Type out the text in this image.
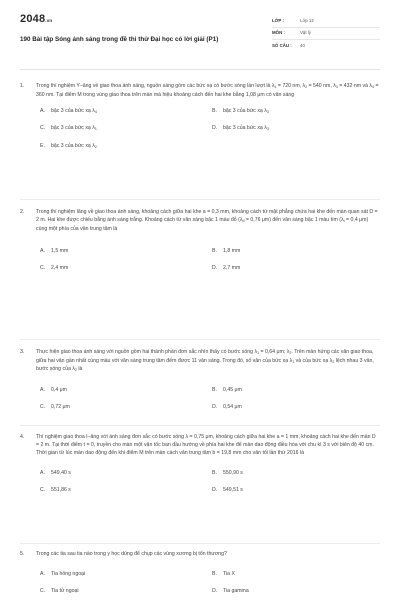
2048.vn
190 Bài tập Sóng ánh sáng trong đề thi thử Đại học có lời giải (P1)
LỚP :	Lớp 12
MÔN :	Vật lý
SỐ CÂU :	40
1.	Trong thí nghiệm Y–âng về giao thoa ánh sáng, nguồn sáng gồm các bức xạ có bước sóng lần lượt là $\lambda_1 = 720$ nm, $\lambda_2 = 540$ nm, $\lambda_3 = 432$ nm và $\lambda_4 = 360$ nm. Tại điểm M trong vùng giao thoa trên màn mà hiệu khoảng cách đến hai khe bằng 1,08 μm có vân sáng
A.	bậc 3 của bức xạ $\lambda_4$	B.	bậc 3 của bức xạ $\lambda_3$
C.	bậc 3 của bức xạ $\lambda_1$	D.	bậc 3 của bức xạ $\lambda_3$
E.	bậc 3 của bức xạ $\lambda_2$
2.	Trong thí nghiệm Iâng về giao thoa ánh sáng, khoảng cách giữa hai khe a = 0,3 mm, khoảng cách từ mặt phẳng chứa hai khe đến màn quan sát D = 2 m. Hai khe được chiếu bằng ánh sáng trắng. Khoảng cách từ vân sáng bậc 1 màu đỏ ($\lambda_đ = 0,76$ μm) đến vân sáng bậc 1 màu tím ($\lambda_t = 0,4$ μm) cùng một phía của vân trung tâm là
A.	1,5 mm	B.	1,8 mm
C.	2,4 mm	D.	2,7 mm
3.	Thực hiện giao thoa ánh sáng với nguồn gồm hai thành phần đơn sắc nhìn thấy có bước sóng $\lambda_1 = 0,64$ μm; $\lambda_2$. Trên màn hứng các vân giao thoa, giữa hai vân gần nhất cùng màu với vân sáng trung tâm đếm được 11 vân sáng. Trong đó, số vân của bức xạ $\lambda_1$ và của bức xạ $\lambda_2$ lệch nhau 3 vân, bước sóng của $\lambda_2$ là
A.	0,4 μm	B.	0,45 μm
C.	0,72 μm	D.	0,54 μm
4.	Thí nghiệm giao thoa I–âng với ánh sáng đơn sắc có bước sóng λ = 0,75 μm, khoảng cách giữa hai khe a = 1 mm, khoảng cách hai khe đến màn D = 2 m. Tại thời điểm t = 0, truyền cho màn một vận tốc ban đầu hướng về phía hai khe để màn dao động điều hòa với chu kì 3 s với biên độ 40 cm. Thời gian từ lúc màn dao động đến khi điểm M trên màn cách vân trung tâm b = 19,8 mm cho vân tối lần thứ 2016 là
A.	549,40 s	B.	550,90 s
C.	551,86 s	D.	549,51 s
5.	Trong các tia sau tia nào trong y học dùng để chụp các vùng xương bị tổn thương?
A.	Tia hồng ngoại	B.	Tia X
C.	Tia tử ngoại	D.	Tia gamma
